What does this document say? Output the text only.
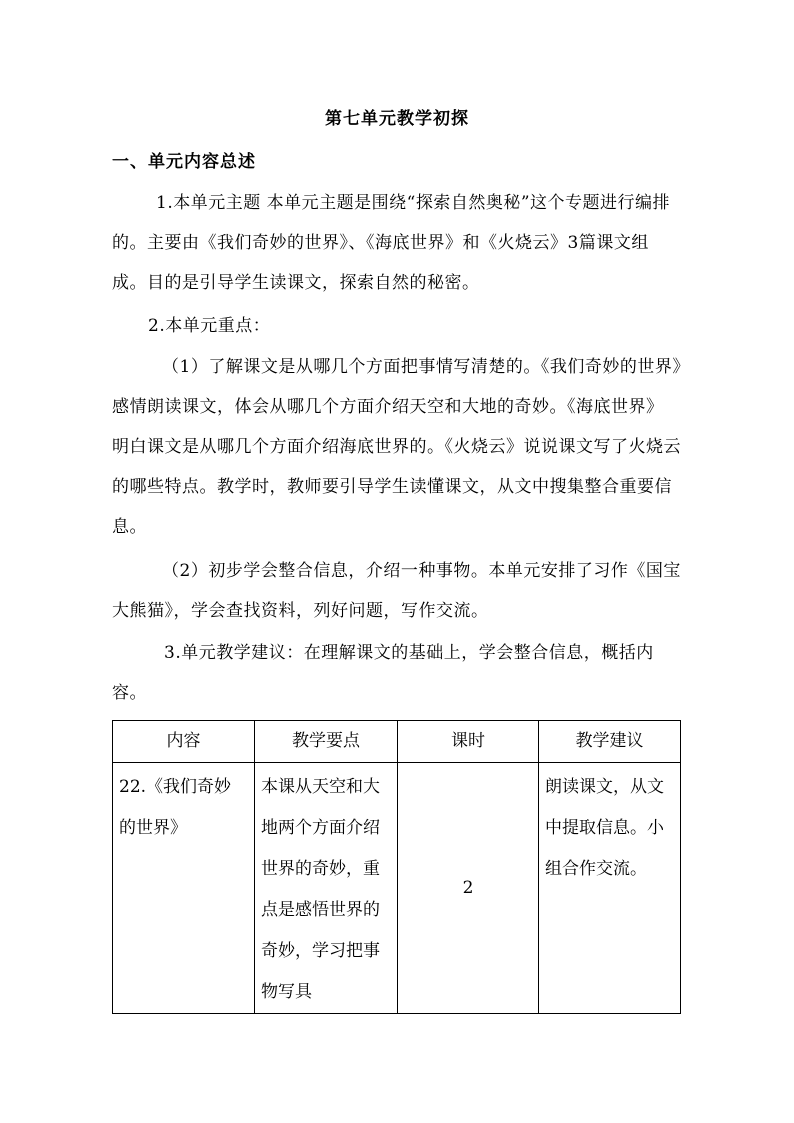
第七单元教学初探
一、单元内容总述

1.本单元主题 本单元主题是围绕“探索自然奥秘”这个专题进行编排的。主要由《我们奇妙的世界》、《海底世界》和《火烧云》3篇课文组成。目的是引导学生读课文，探索自然的秘密。

2.本单元重点：

（1）了解课文是从哪几个方面把事情写清楚的。《我们奇妙的世界》感情朗读课文，体会从哪几个方面介绍天空和大地的奇妙。《海底世界》 明白课文是从哪几个方面介绍海底世界的。《火烧云》说说课文写了火烧云的哪些特点。教学时，教师要引导学生读懂课文，从文中搜集整合重要信息。

（2）初步学会整合信息，介绍一种事物。本单元安排了习作《国宝大熊猫》，学会查找资料，列好问题，写作交流。

3.单元教学建议：在理解课文的基础上，学会整合信息，概括内容。

内容	教学要点	课时	教学建议

22.《我们奇妙的世界》	本课从天空和大地两个方面介绍世界的奇妙，重点是感悟世界的奇妙，学习把事物写具	2	朗读课文，从文中提取信息。小组合作交流。
